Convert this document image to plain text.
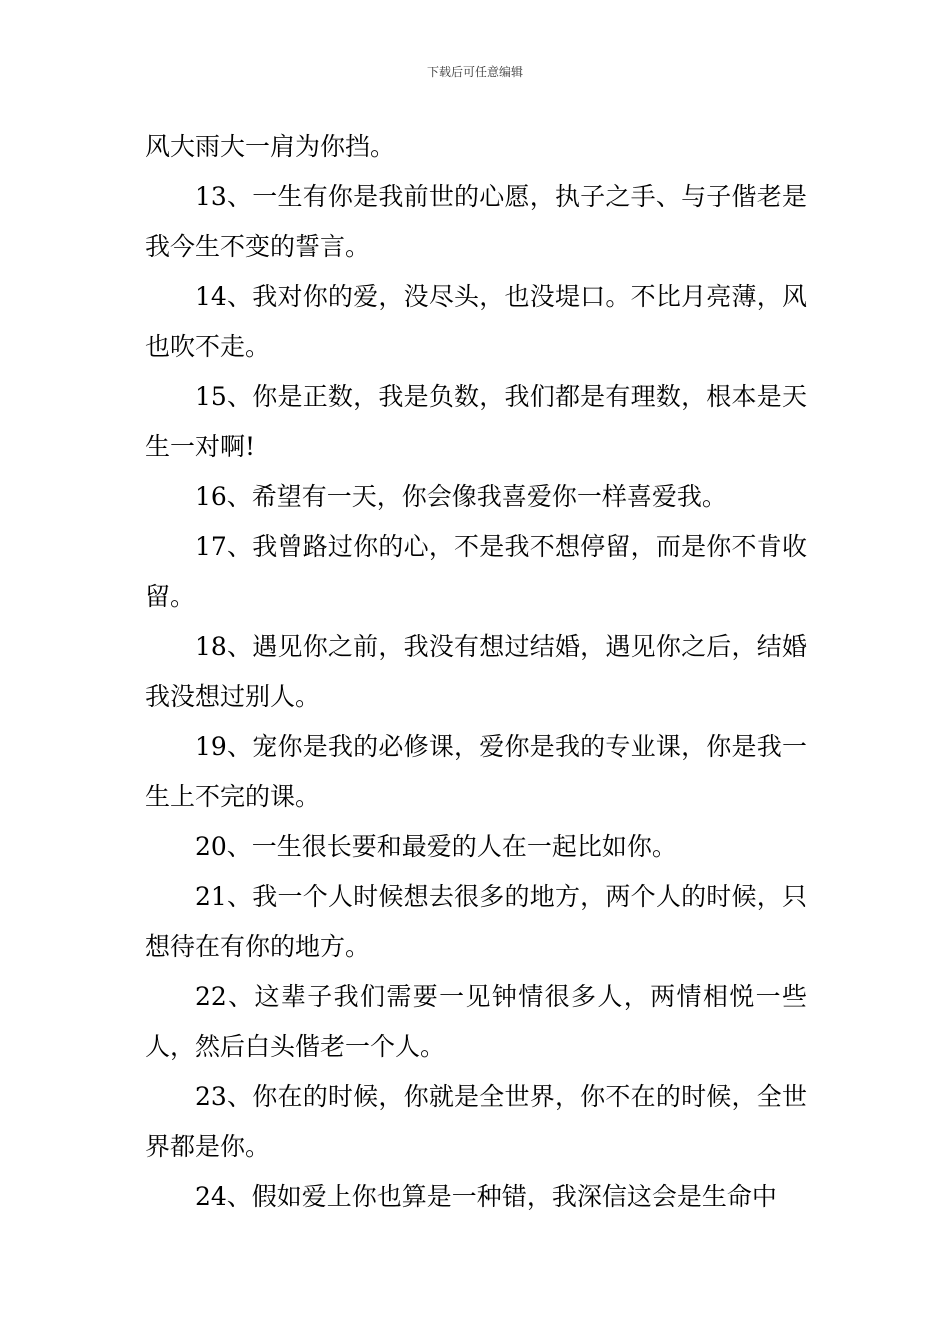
下载后可任意编辑

风大雨大一肩为你挡。

13、一生有你是我前世的心愿，执子之手、与子偕老是我今生不变的誓言。

14、我对你的爱，没尽头，也没堤口。不比月亮薄，风也吹不走。

15、你是正数，我是负数，我们都是有理数，根本是天生一对啊!

16、希望有一天，你会像我喜爱你一样喜爱我。

17、我曾路过你的心，不是我不想停留，而是你不肯收留。

18、遇见你之前，我没有想过结婚，遇见你之后，结婚我没想过别人。

19、宠你是我的必修课，爱你是我的专业课，你是我一生上不完的课。

20、一生很长要和最爱的人在一起比如你。

21、我一个人时候想去很多的地方，两个人的时候，只想待在有你的地方。

22、这辈子我们需要一见钟情很多人，两情相悦一些人，然后白头偕老一个人。

23、你在的时候，你就是全世界，你不在的时候，全世界都是你。

24、假如爱上你也算是一种错，我深信这会是生命中
